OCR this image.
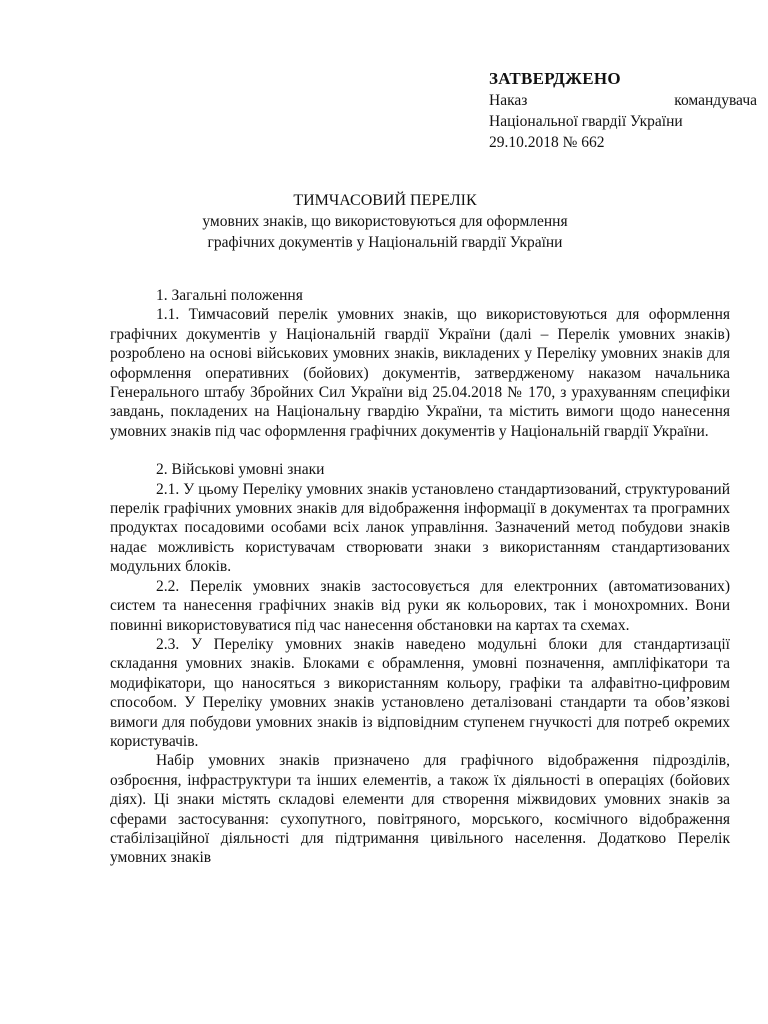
ЗАТВЕРДЖЕНО
Наказ командувача
Національної гвардії України
29.10.2018 № 662
ТИМЧАСОВИЙ ПЕРЕЛІК
умовних знаків, що використовуються для оформлення
графічних документів у Національній гвардії України

1. Загальні положення

1.1. Тимчасовий перелік умовних знаків, що використовуються для оформлення графічних документів у Національній гвардії України (далі – Перелік умовних знаків) розроблено на основі військових умовних знаків, викладених у Переліку умовних знаків для оформлення оперативних (бойових) документів, затвердженому наказом начальника Генерального штабу Збройних Сил України від 25.04.2018 № 170, з урахуванням специфіки завдань, покладених на Національну гвардію України, та містить вимоги щодо нанесення умовних знаків під час оформлення графічних документів у Національній гвардії України.

2. Військові умовні знаки

2.1. У цьому Переліку умовних знаків установлено стандартизований, структурований перелік графічних умовних знаків для відображення інформації в документах та програмних продуктах посадовими особами всіх ланок управління. Зазначений метод побудови знаків надає можливість користувачам створювати знаки з використанням стандартизованих модульних блоків.

2.2. Перелік умовних знаків застосовується для електронних (автоматизованих) систем та нанесення графічних знаків від руки як кольорових, так і монохромних. Вони повинні використовуватися під час нанесення обстановки на картах та схемах.

2.3. У Переліку умовних знаків наведено модульні блоки для стандартизації складання умовних знаків. Блоками є обрамлення, умовні позначення, ампліфікатори та модифікатори, що наносяться з використанням кольору, графіки та алфавітно-цифровим способом. У Переліку умовних знаків установлено деталізовані стандарти та обов’язкові вимоги для побудови умовних знаків із відповідним ступенем гнучкості для потреб окремих користувачів.

Набір умовних знаків призначено для графічного відображення підрозділів, озброєння, інфраструктури та інших елементів, а також їх діяльності в операціях (бойових діях). Ці знаки містять складові елементи для створення міжвидових умовних знаків за сферами застосування: сухопутного, повітряного, морського, космічного відображення стабілізаційної діяльності для підтримання цивільного населення. Додатково Перелік умовних знаків
